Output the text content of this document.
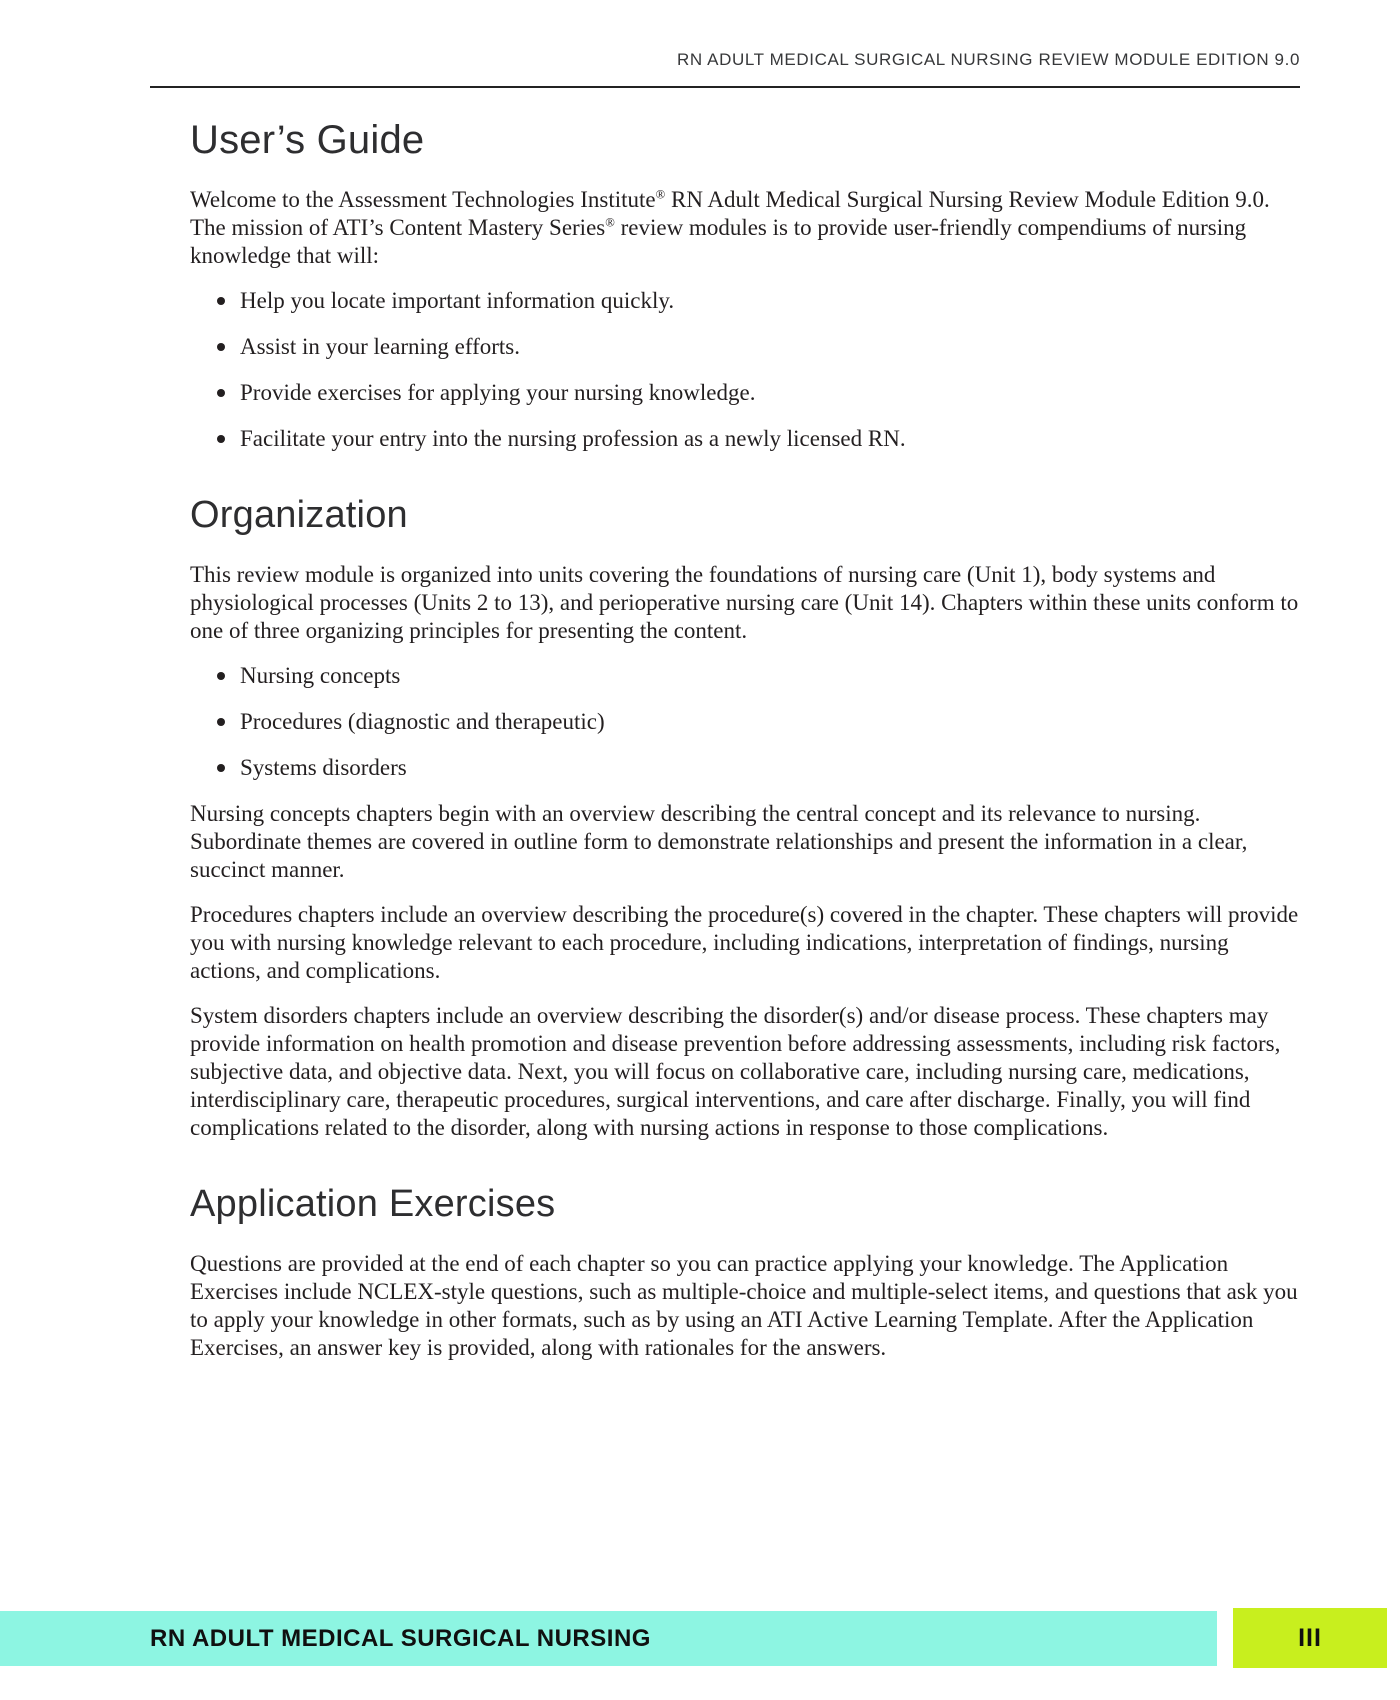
RN ADULT MEDICAL SURGICAL NURSING REVIEW MODULE EDITION 9.0
User’s Guide

Welcome to the Assessment Technologies Institute® RN Adult Medical Surgical Nursing Review Module Edition 9.0. The mission of ATI’s Content Mastery Series® review modules is to provide user-friendly compendiums of nursing knowledge that will:

Help you locate important information quickly.
Assist in your learning efforts.
Provide exercises for applying your nursing knowledge.
Facilitate your entry into the nursing profession as a newly licensed RN.
Organization

This review module is organized into units covering the foundations of nursing care (Unit 1), body systems and physiological processes (Units 2 to 13), and perioperative nursing care (Unit 14). Chapters within these units conform to one of three organizing principles for presenting the content.

Nursing concepts
Procedures (diagnostic and therapeutic)
Systems disorders

Nursing concepts chapters begin with an overview describing the central concept and its relevance to nursing. Subordinate themes are covered in outline form to demonstrate relationships and present the information in a clear, succinct manner.

Procedures chapters include an overview describing the procedure(s) covered in the chapter. These chapters will provide you with nursing knowledge relevant to each procedure, including indications, interpretation of findings, nursing actions, and complications.

System disorders chapters include an overview describing the disorder(s) and/or disease process. These chapters may provide information on health promotion and disease prevention before addressing assessments, including risk factors, subjective data, and objective data. Next, you will focus on collaborative care, including nursing care, medications, interdisciplinary care, therapeutic procedures, surgical interventions, and care after discharge. Finally, you will find complications related to the disorder, along with nursing actions in response to those complications.

Application Exercises

Questions are provided at the end of each chapter so you can practice applying your knowledge. The Application Exercises include NCLEX-style questions, such as multiple-choice and multiple-select items, and questions that ask you to apply your knowledge in other formats, such as by using an ATI Active Learning Template. After the Application Exercises, an answer key is provided, along with rationales for the answers.

RN ADULT MEDICAL SURGICAL NURSING	III
